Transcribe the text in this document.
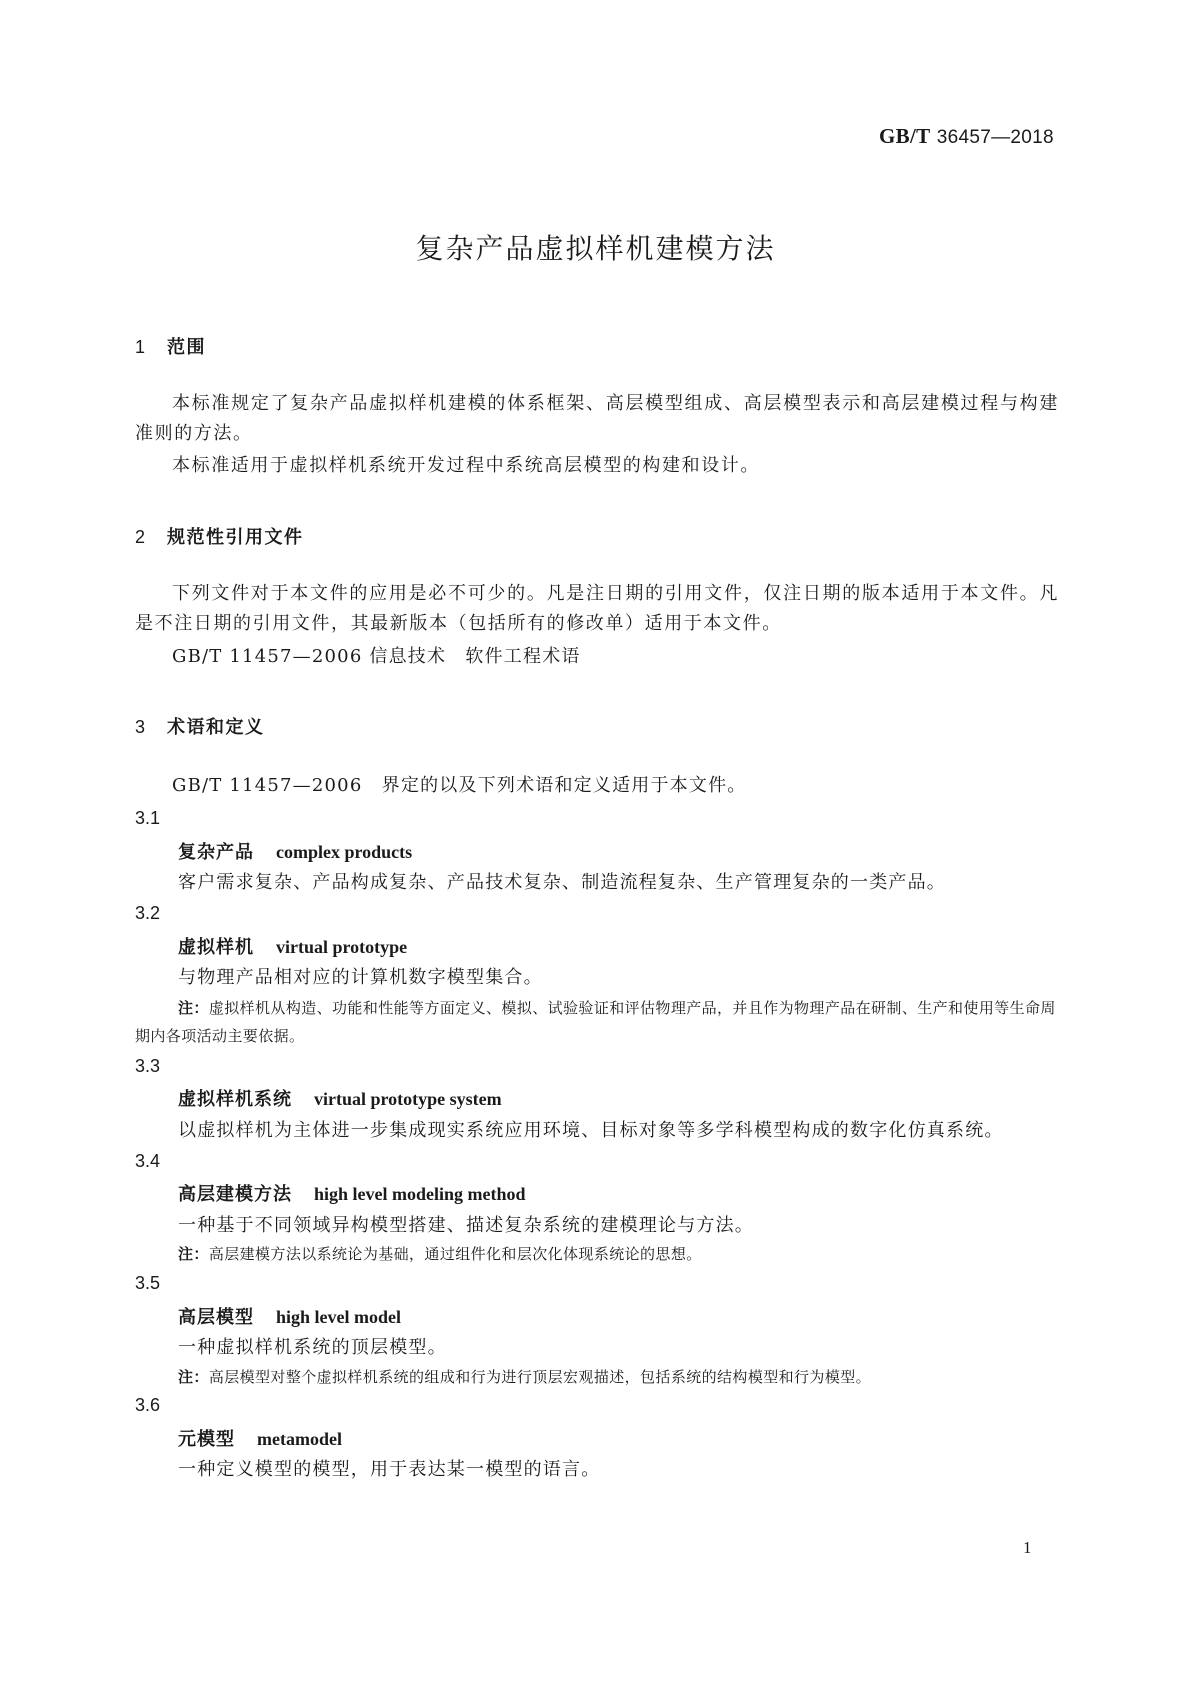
GB/T 36457—2018
复杂产品虚拟样机建模方法
1 范围
本标准规定了复杂产品虚拟样机建模的体系框架、高层模型组成、高层模型表示和高层建模过程与构建准则的方法。
本标准适用于虚拟样机系统开发过程中系统高层模型的构建和设计。
2 规范性引用文件
下列文件对于本文件的应用是必不可少的。凡是注日期的引用文件，仅注日期的版本适用于本文件。凡是不注日期的引用文件，其最新版本（包括所有的修改单）适用于本文件。
GB/T 11457—2006 信息技术　软件工程术语
3 术语和定义
GB/T 11457—2006　界定的以及下列术语和定义适用于本文件。
3.1
复杂产品 complex products
客户需求复杂、产品构成复杂、产品技术复杂、制造流程复杂、生产管理复杂的一类产品。
3.2
虚拟样机 virtual prototype
与物理产品相对应的计算机数字模型集合。
注：虚拟样机从构造、功能和性能等方面定义、模拟、试验验证和评估物理产品，并且作为物理产品在研制、生产和使用等生命周期内各项活动主要依据。
3.3
虚拟样机系统 virtual prototype system
以虚拟样机为主体进一步集成现实系统应用环境、目标对象等多学科模型构成的数字化仿真系统。
3.4
高层建模方法 high level modeling method
一种基于不同领域异构模型搭建、描述复杂系统的建模理论与方法。
注：高层建模方法以系统论为基础，通过组件化和层次化体现系统论的思想。
3.5
高层模型 high level model
一种虚拟样机系统的顶层模型。
注：高层模型对整个虚拟样机系统的组成和行为进行顶层宏观描述，包括系统的结构模型和行为模型。
3.6
元模型 metamodel
一种定义模型的模型，用于表达某一模型的语言。
1
